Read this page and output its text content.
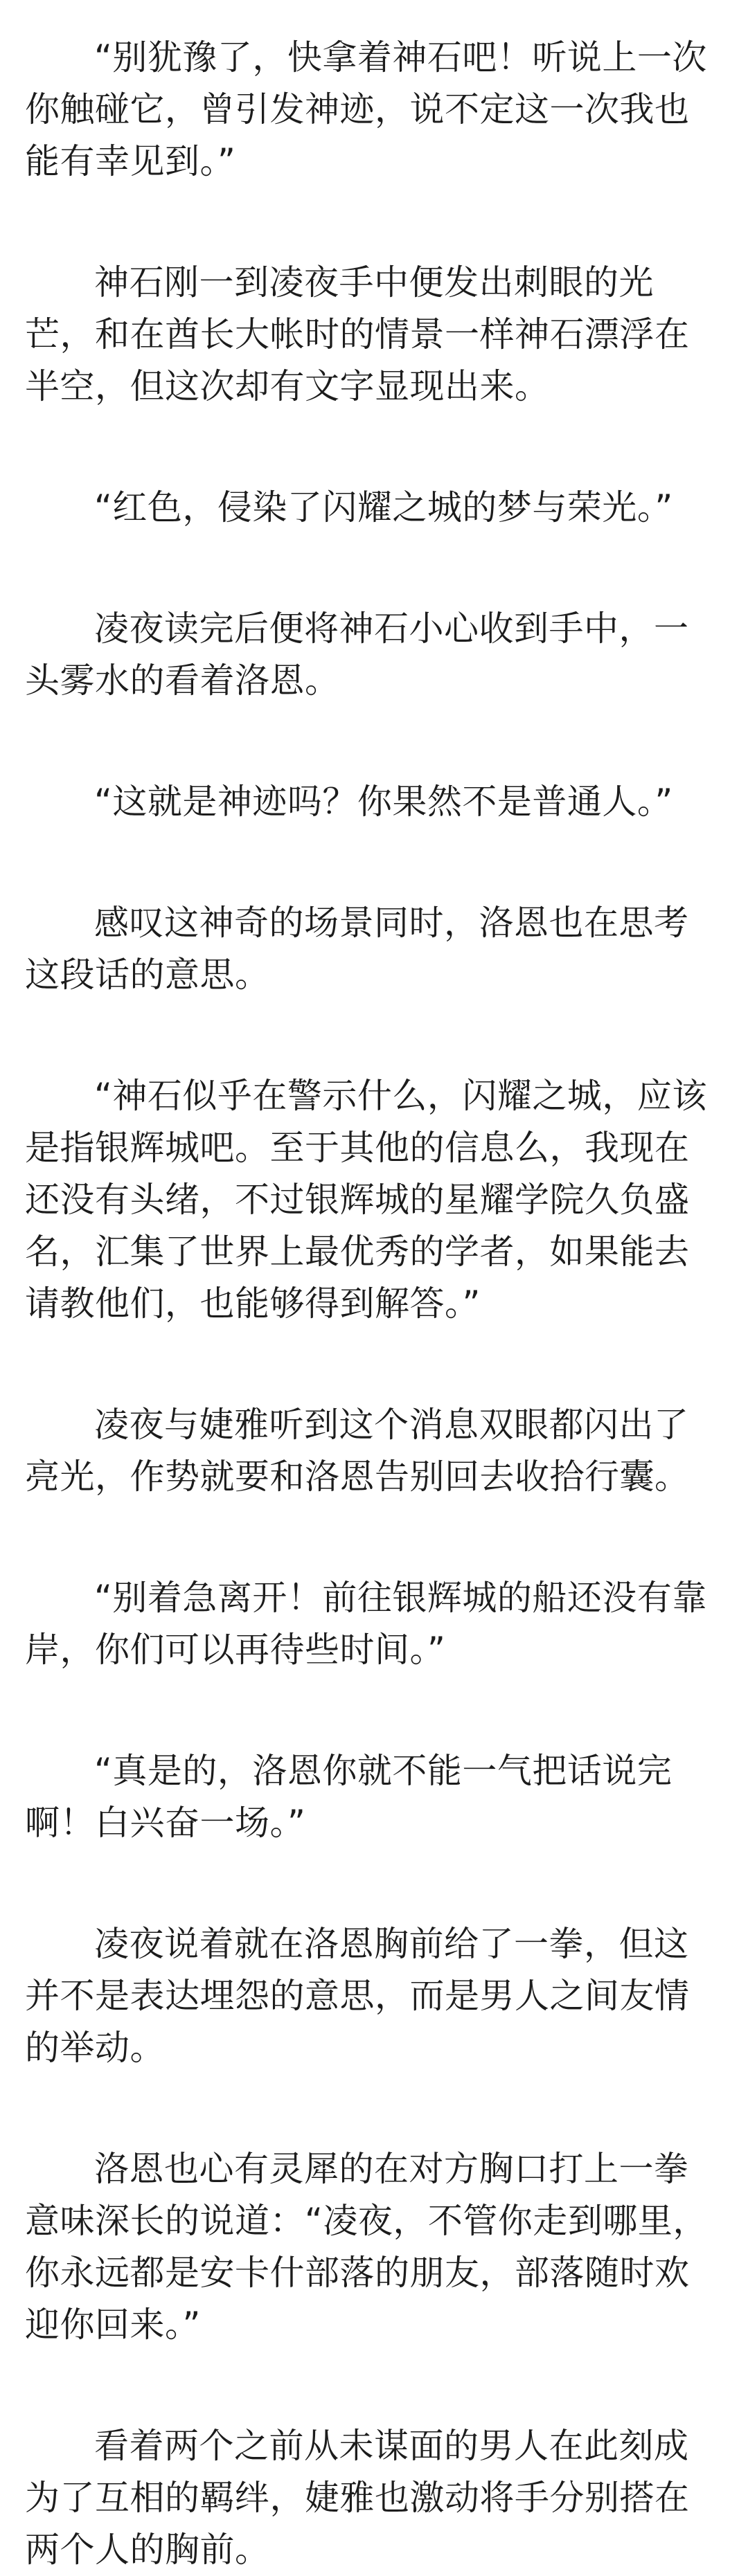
“别犹豫了，快拿着神石吧！听说上一次你触碰它，曾引发神迹，说不定这一次我也能有幸见到。”

神石刚一到凌夜手中便发出刺眼的光芒，和在酋长大帐时的情景一样神石漂浮在半空，但这次却有文字显现出来。

“红色，侵染了闪耀之城的梦与荣光。”

凌夜读完后便将神石小心收到手中，一头雾水的看着洛恩。

“这就是神迹吗？你果然不是普通人。”

感叹这神奇的场景同时，洛恩也在思考这段话的意思。

“神石似乎在警示什么，闪耀之城，应该是指银辉城吧。至于其他的信息么，我现在还没有头绪，不过银辉城的星耀学院久负盛名，汇集了世界上最优秀的学者，如果能去请教他们，也能够得到解答。”

凌夜与婕雅听到这个消息双眼都闪出了亮光，作势就要和洛恩告别回去收拾行囊。

“别着急离开！前往银辉城的船还没有靠岸，你们可以再待些时间。”

“真是的，洛恩你就不能一气把话说完啊！白兴奋一场。”

凌夜说着就在洛恩胸前给了一拳，但这并不是表达埋怨的意思，而是男人之间友情的举动。

洛恩也心有灵犀的在对方胸口打上一拳意味深长的说道：“凌夜，不管你走到哪里，你永远都是安卡什部落的朋友，部落随时欢迎你回来。”

看着两个之前从未谋面的男人在此刻成为了互相的羁绊，婕雅也激动将手分别搭在两个人的胸前。
